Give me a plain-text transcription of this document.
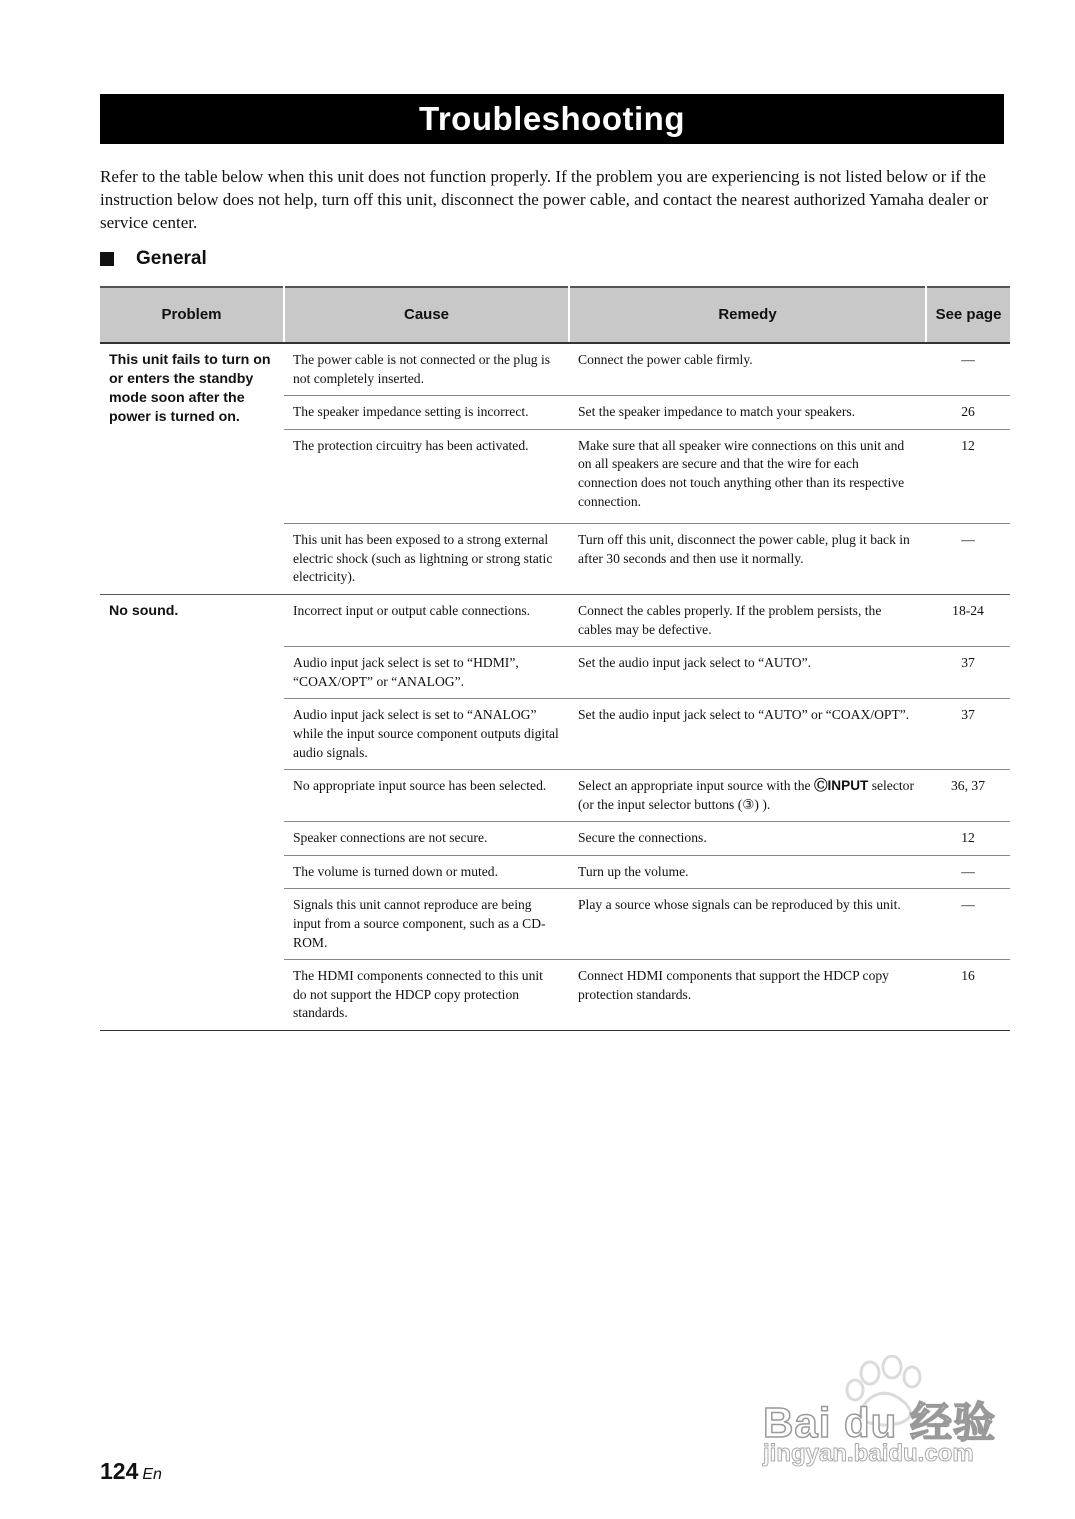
Troubleshooting

Refer to the table below when this unit does not function properly. If the problem you are experiencing is not listed below or if the instruction below does not help, turn off this unit, disconnect the power cable, and contact the nearest authorized Yamaha dealer or service center.

General
Problem	Cause	Remedy	See page
This unit fails to turn on or enters the standby mode soon after the power is turned on.	The power cable is not connected or the plug is not completely inserted.	Connect the power cable firmly.	—
	The speaker impedance setting is incorrect.	Set the speaker impedance to match your speakers.	26
	The protection circuitry has been activated.	Make sure that all speaker wire connections on this unit and on all speakers are secure and that the wire for each connection does not touch anything other than its respective connection.	12
	This unit has been exposed to a strong external electric shock (such as lightning or strong static electricity).	Turn off this unit, disconnect the power cable, plug it back in after 30 seconds and then use it normally.	—
No sound.	Incorrect input or output cable connections.	Connect the cables properly. If the problem persists, the cables may be defective.	18-24
	Audio input jack select is set to “HDMI”, “COAX/OPT” or “ANALOG”.	Set the audio input jack select to “AUTO”.	37
	Audio input jack select is set to “ANALOG” while the input source component outputs digital audio signals.	Set the audio input jack select to “AUTO” or “COAX/OPT”.	37
	No appropriate input source has been selected.	Select an appropriate input source with the ⒸINPUT selector (or the input selector buttons (③) ).	36, 37
	Speaker connections are not secure.	Secure the connections.	12
	The volume is turned down or muted.	Turn up the volume.	—
	Signals this unit cannot reproduce are being input from a source component, such as a CD-ROM.	Play a source whose signals can be reproduced by this unit.	—
	The HDMI components connected to this unit do not support the HDCP copy protection standards.	Connect HDMI components that support the HDCP copy protection standards.	16
124 En
Bai du 经验
jingyan.baidu.com
